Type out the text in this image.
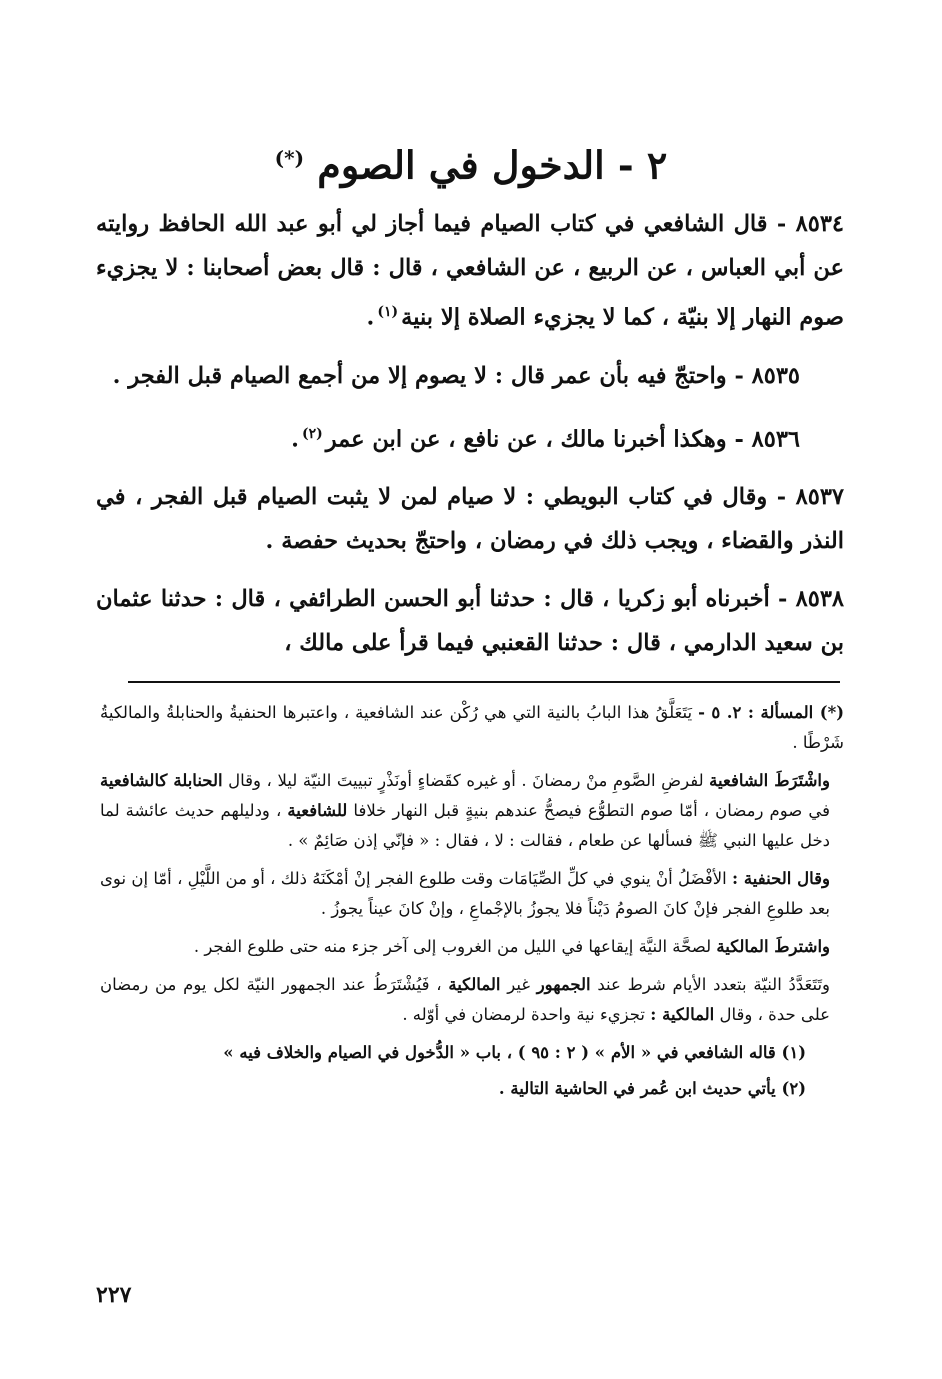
٢ - الدخول في الصوم (*)

٨٥٣٤ - قال الشافعي في كتاب الصيام فيما أجاز لي أبو عبد الله الحافظ روايته عن أبي العباس ، عن الربيع ، عن الشافعي ، قال : قال بعض أصحابنا : لا يجزيء صوم النهار إلا بنيّة ، كما لا يجزيء الصلاة إلا بنية$^{(١)}$.

٨٥٣٥ - واحتجّ فيه بأن عمر قال : لا يصوم إلا من أجمع الصيام قبل الفجر .

٨٥٣٦ - وهكذا أخبرنا مالك ، عن نافع ، عن ابن عمر$^{(٢)}$.

٨٥٣٧ - وقال في كتاب البويطي : لا صيام لمن لا يثبت الصيام قبل الفجر ، في النذر والقضاء ، ويجب ذلك في رمضان ، واحتجّ بحديث حفصة .

٨٥٣٨ - أخبرناه أبو زكريا ، قال : حدثنا أبو الحسن الطرائفي ، قال : حدثنا عثمان بن سعيد الدارمي ، قال : حدثنا القعنبي فيما قرأ على مالك ،

(*) المسألة : ٢. ٥ - يَتَعَلَّقُ هذا البابُ بالنية التي هي رُكْن عند الشافعية ، واعتبرها الحنفيةُ والحنابلةُ والمالكيةُ شَرْطًا .

واشْتَرَطَ الشافعية لفرضِ الصَّومِ منْ رمضانَ . أو غيره كقَضاءٍ أونَذْرٍ تبييتَ النيّة ليلا ، وقال الحنابلة كالشافعية في صوم رمضان ، أمّا صوم التطوُّع فيصحُّ عندهم بنيةٍ قبل النهار خلافا للشافعية ، ودليلهم حديث عائشة لما دخل عليها النبي ﷺ فسألها عن طعام ، فقالت : لا ، فقال : « فإنّي إذن صَائِمٌ » .

وقال الحنفية : الأفْضَلُ أنْ ينوي في كلِّ الصِّيَامَات وقت طلوع الفجر إنْ أمْكَنَهُ ذلك ، أو من اللَّيْلِ ، أمّا إن نوى بعد طلوعِ الفجر فإنْ كانَ الصومُ دَيْناً فلا يجوزُ بالإجْماعِ ، وإنْ كانَ عيناً يجوزُ .

واشترطَ المالكية لصحَّة النيَّة إيقاعها في الليل من الغروب إلى آخر جزء منه حتى طلوع الفجر .

وتَتَعَدَّدُ النيّة بتعدد الأيام شرط عند الجمهور غير المالكية ، فَيُشْتَرَطُ عند الجمهور النيّة لكل يوم من رمضان على حدة ، وقال المالكية : تجزيء نية واحدة لرمضان في أوّله .

(١) قاله الشافعي في « الأم » ( ٢ : ٩٥ ) ، باب « الدُّخول في الصيام والخلاف فيه »

(٢) يأتي حديث ابن عُمر في الحاشية التالية .

٢٢٧
